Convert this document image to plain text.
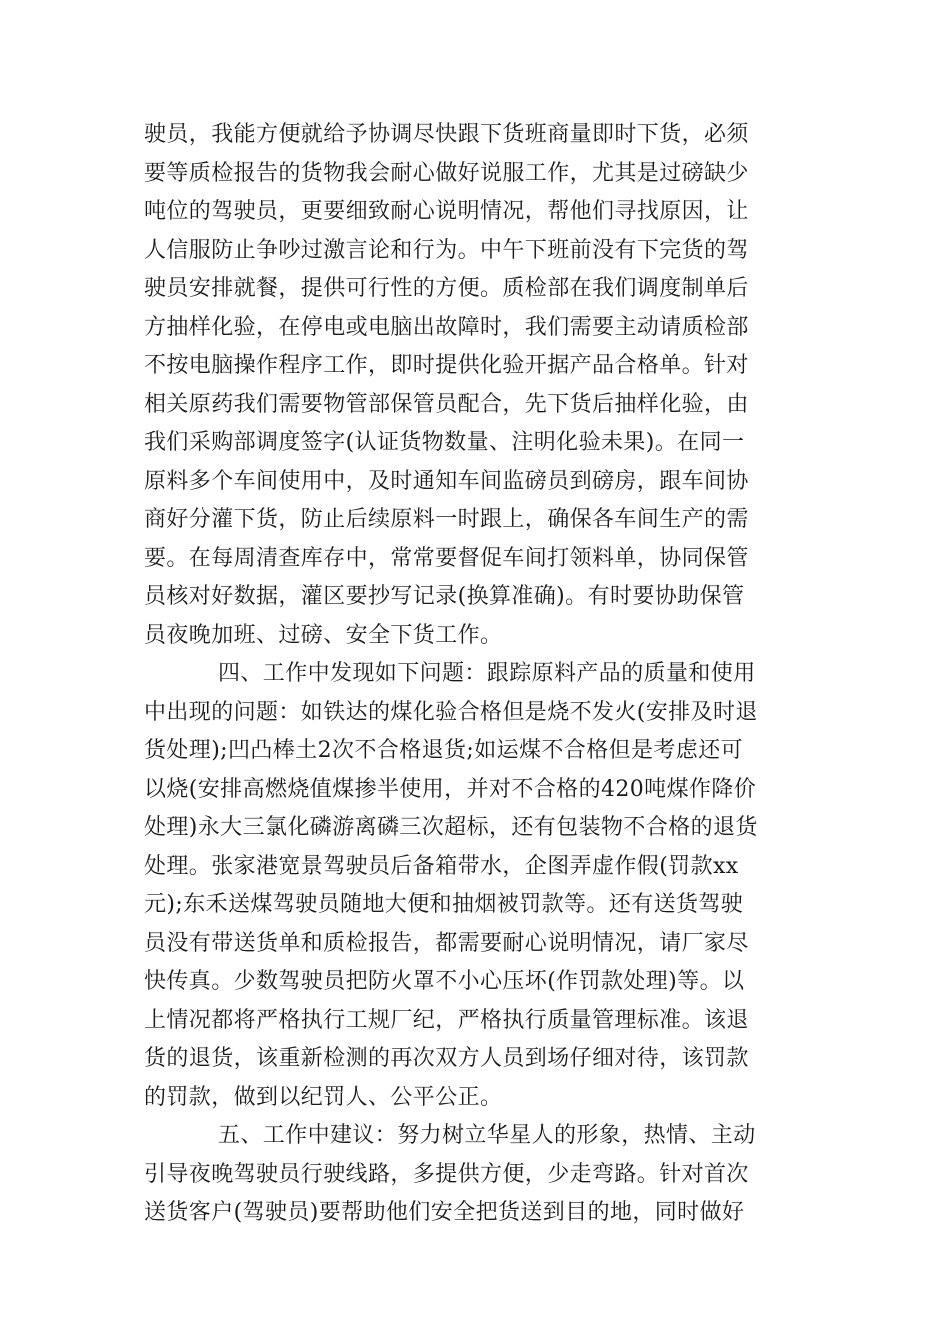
驶员，我能方便就给予协调尽快跟下货班商量即时下货，必须
要等质检报告的货物我会耐心做好说服工作，尤其是过磅缺少
吨位的驾驶员，更要细致耐心说明情况，帮他们寻找原因，让
人信服防止争吵过激言论和行为。中午下班前没有下完货的驾
驶员安排就餐，提供可行性的方便。质检部在我们调度制单后
方抽样化验，在停电或电脑出故障时，我们需要主动请质检部
不按电脑操作程序工作，即时提供化验开据产品合格单。针对
相关原药我们需要物管部保管员配合，先下货后抽样化验，由
我们采购部调度签字(认证货物数量、注明化验未果)。在同一
原料多个车间使用中，及时通知车间监磅员到磅房，跟车间协
商好分灌下货，防止后续原料一时跟上，确保各车间生产的需
要。在每周清查库存中，常常要督促车间打领料单，协同保管
员核对好数据，灌区要抄写记录(换算准确)。有时要协助保管
员夜晚加班、过磅、安全下货工作。
四、工作中发现如下问题：跟踪原料产品的质量和使用
中出现的问题：如铁达的煤化验合格但是烧不发火(安排及时退
货处理);凹凸棒土2次不合格退货;如运煤不合格但是考虑还可
以烧(安排高燃烧值煤掺半使用，并对不合格的420吨煤作降价
处理)永大三氯化磷游离磷三次超标，还有包装物不合格的退货
处理。张家港宽景驾驶员后备箱带水，企图弄虚作假(罚款xx
元);东禾送煤驾驶员随地大便和抽烟被罚款等。还有送货驾驶
员没有带送货单和质检报告，都需要耐心说明情况，请厂家尽
快传真。少数驾驶员把防火罩不小心压坏(作罚款处理)等。以
上情况都将严格执行工规厂纪，严格执行质量管理标准。该退
货的退货，该重新检测的再次双方人员到场仔细对待，该罚款
的罚款，做到以纪罚人、公平公正。
五、工作中建议：努力树立华星人的形象，热情、主动
引导夜晚驾驶员行驶线路，多提供方便，少走弯路。针对首次
送货客户(驾驶员)要帮助他们安全把货送到目的地，同时做好
